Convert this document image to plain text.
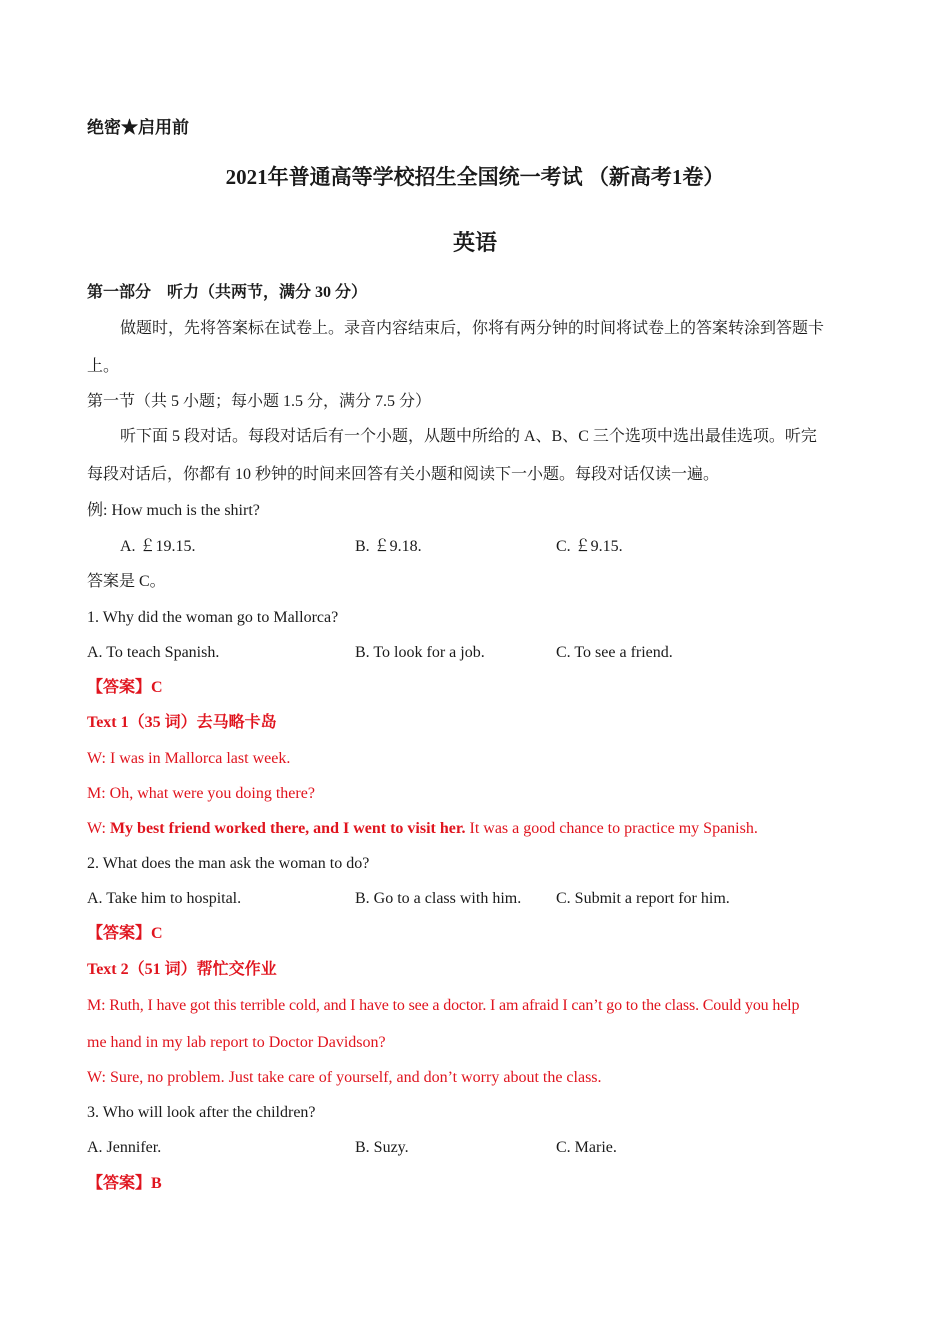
绝密★启用前
2021年普通高等学校招生全国统一考试 （新高考1卷）
英语
第一部分　听力（共两节，满分 30 分）
做题时，先将答案标在试卷上。录音内容结束后，你将有两分钟的时间将试卷上的答案转涂到答题卡
上。
第一节（共 5 小题；每小题 1.5 分，满分 7.5 分）
听下面 5 段对话。每段对话后有一个小题，从题中所给的 A、B、C 三个选项中选出最佳选项。听完
每段对话后，你都有 10 秒钟的时间来回答有关小题和阅读下一小题。每段对话仅读一遍。
例: How much is the shirt?
A. ￡19.15.	B. ￡9.18.	C. ￡9.15.
答案是 C。
1. Why did the woman go to Mallorca?
A. To teach Spanish.	B. To look for a job.	C. To see a friend.
【答案】C
Text 1（35 词）去马略卡岛
W: I was in Mallorca last week.
M: Oh, what were you doing there?
W: My best friend worked there, and I went to visit her. It was a good chance to practice my Spanish.
2. What does the man ask the woman to do?
A. Take him to hospital.	B. Go to a class with him. C. Submit a report for him.
【答案】C
Text 2（51 词）帮忙交作业
M: Ruth, I have got this terrible cold, and I have to see a doctor. I am afraid I can’t go to the class. Could you help
me hand in my lab report to Doctor Davidson?
W: Sure, no problem. Just take care of yourself, and don’t worry about the class.
3. Who will look after the children?
A. Jennifer.	B. Suzy.	C. Marie.
【答案】B
